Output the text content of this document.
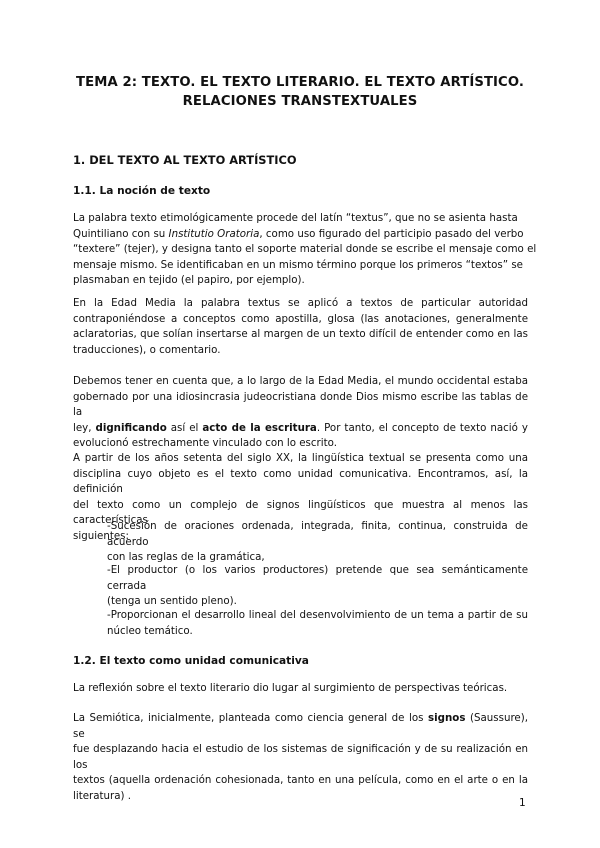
TEMA 2: TEXTO. EL TEXTO LITERARIO. EL TEXTO ARTÍSTICO.
RELACIONES TRANSTEXTUALES
1. DEL TEXTO AL TEXTO ARTÍSTICO
1.1. La noción de texto
La palabra texto etimológicamente procede del latín “textus”, que no se asienta hasta
Quintiliano con su Institutio Oratoria, como uso figurado del participio pasado del verbo
“textere” (tejer), y designa tanto el soporte material donde se escribe el mensaje como el
mensaje mismo. Se identificaban en un mismo término porque los primeros “textos” se
plasmaban en tejido (el papiro, por ejemplo).
En la Edad Media la palabra textus se aplicó a textos de particular autoridad
contraponiéndose a conceptos como apostilla, glosa (las anotaciones, generalmente
aclaratorias, que solían insertarse al margen de un texto difícil de entender como en las
traducciones), o comentario.
Debemos tener en cuenta que, a lo largo de la Edad Media, el mundo occidental estaba
gobernado por una idiosincrasia judeocristiana donde Dios mismo escribe las tablas de la
ley, dignificando así el acto de la escritura. Por tanto, el concepto de texto nació y
evolucionó estrechamente vinculado con lo escrito.
A partir de los años setenta del siglo XX, la lingüística textual se presenta como una
disciplina cuyo objeto es el texto como unidad comunicativa. Encontramos, así, la definición
del texto como un complejo de signos lingüísticos que muestra al menos las características
siguientes:
-Sucesión de oraciones ordenada, integrada, finita, continua, construida de acuerdo
con las reglas de la gramática,
-El productor (o los varios productores) pretende que sea semánticamente cerrada
(tenga un sentido pleno).
-Proporcionan el desarrollo lineal del desenvolvimiento de un tema a partir de su
núcleo temático.
1.2. El texto como unidad comunicativa
La reflexión sobre el texto literario dio lugar al surgimiento de perspectivas teóricas.
La Semiótica, inicialmente, planteada como ciencia general de los signos (Saussure), se
fue desplazando hacia el estudio de los sistemas de significación y de su realización en los
textos (aquella ordenación cohesionada, tanto en una película, como en el arte o en la
literatura) .
1
